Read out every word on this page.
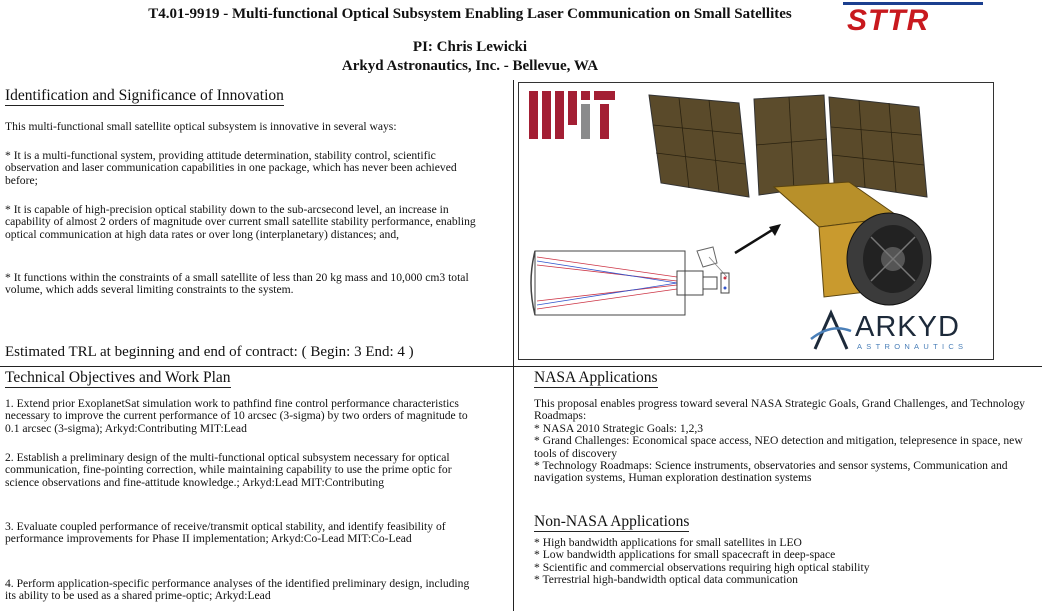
T4.01-9919 - Multi-functional Optical Subsystem Enabling Laser Communication on Small Satellites
PI: Chris Lewicki
Arkyd Astronautics, Inc. - Bellevue, WA
STTR
Identification and Significance of Innovation
This multi-functional small satellite optical subsystem is innovative in several ways:
* It is a multi-functional system, providing attitude determination, stability control, scientific observation and laser communication capabilities in one package, which has never been achieved before;
* It is capable of high-precision optical stability down to the sub-arcsecond level, an increase in capability of almost 2 orders of magnitude over current small satellite stability performance, enabling optical communication at high data rates or over long (interplanetary) distances; and,
* It functions within the constraints of a small satellite of less than 20 kg mass and 10,000 cm3 total volume, which adds several limiting constraints to the system.
Estimated TRL at beginning and end of contract: ( Begin: 3 End: 4 )
Technical Objectives and Work Plan
1. Extend prior ExoplanetSat simulation work to pathfind fine control performance characteristics necessary to improve the current performance of 10 arcsec (3-sigma) by two orders of magnitude to 0.1 arcsec (3-sigma); Arkyd:Contributing MIT:Lead
2. Establish a preliminary design of the multi-functional optical subsystem necessary for optical communication, fine-pointing correction, while maintaining capability to use the prime optic for science observations and fine-attitude knowledge.; Arkyd:Lead MIT:Contributing
3. Evaluate coupled performance of receive/transmit optical stability, and identify feasibility of performance improvements for Phase II implementation; Arkyd:Co-Lead MIT:Co-Lead
4. Perform application-specific performance analyses of the identified preliminary design, including its ability to be used as a shared prime-optic; Arkyd:Lead
NASA Applications
This proposal enables progress toward several NASA Strategic Goals, Grand Challenges, and Technology Roadmaps:
* NASA 2010 Strategic Goals: 1,2,3
* Grand Challenges: Economical space access, NEO detection and mitigation, telepresence in space, new tools of discovery
* Technology Roadmaps: Science instruments, observatories and sensor systems, Communication and navigation systems, Human exploration destination systems
Non-NASA Applications
* High bandwidth applications for small satellites in LEO
* Low bandwidth applications for small spacecraft in deep-space
* Scientific and commercial observations requiring high optical stability
* Terrestrial high-bandwidth optical data communication
ARKYD
ASTRONAUTICS
